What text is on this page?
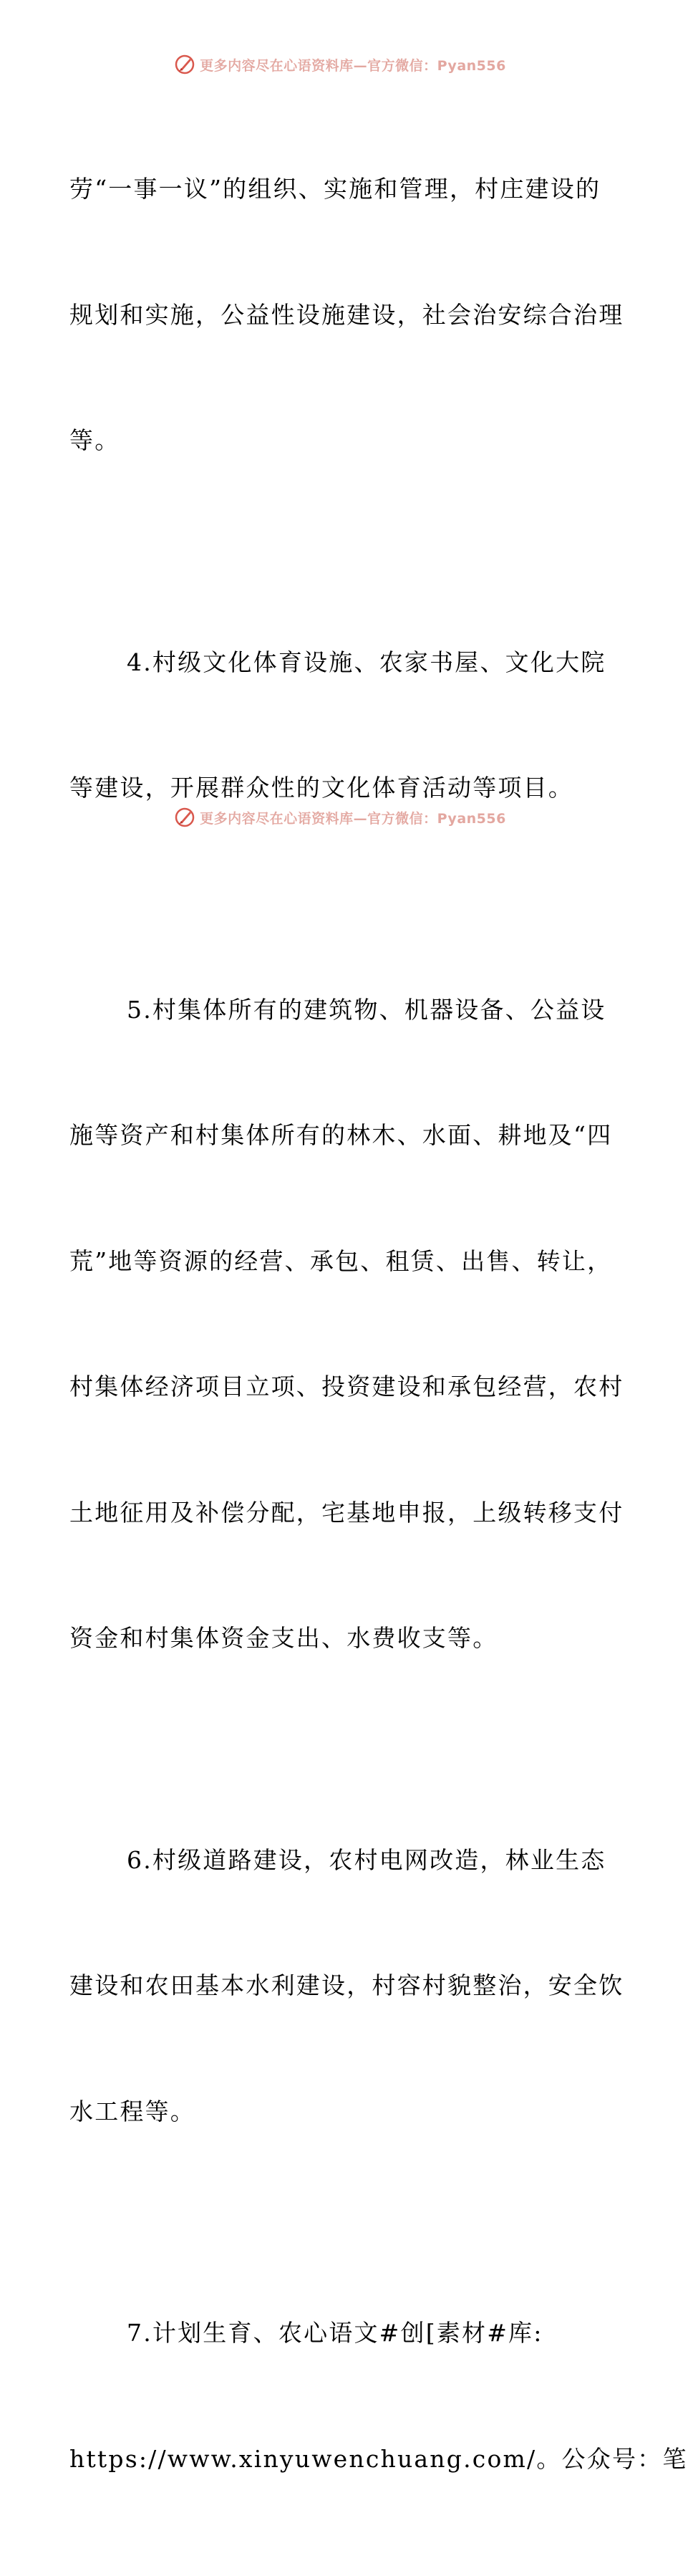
更多内容尽在心语资料库—官方微信：Pyan556

劳“一事一议”的组织、实施和管理，村庄建设的

规划和实施，公益性设施建设，社会治安综合治理

等。

4.村级文化体育设施、农家书屋、文化大院

等建设，开展群众性的文化体育活动等项目。

5.村集体所有的建筑物、机器设备、公益设

施等资产和村集体所有的林木、水面、耕地及“四

荒”地等资源的经营、承包、租赁、出售、转让，

村集体经济项目立项、投资建设和承包经营，农村

土地征用及补偿分配，宅基地申报，上级转移支付

资金和村集体资金支出、水费收支等。

6.村级道路建设，农村电网改造，林业生态

建设和农田基本水利建设，村容村貌整治，安全饮

水工程等。

7.计划生育、农心语文#创[素材#库:

https://www.xinyuwenchuang.com/。公众号：笔

更多内容尽在心语资料库—官方微信：Pyan556
